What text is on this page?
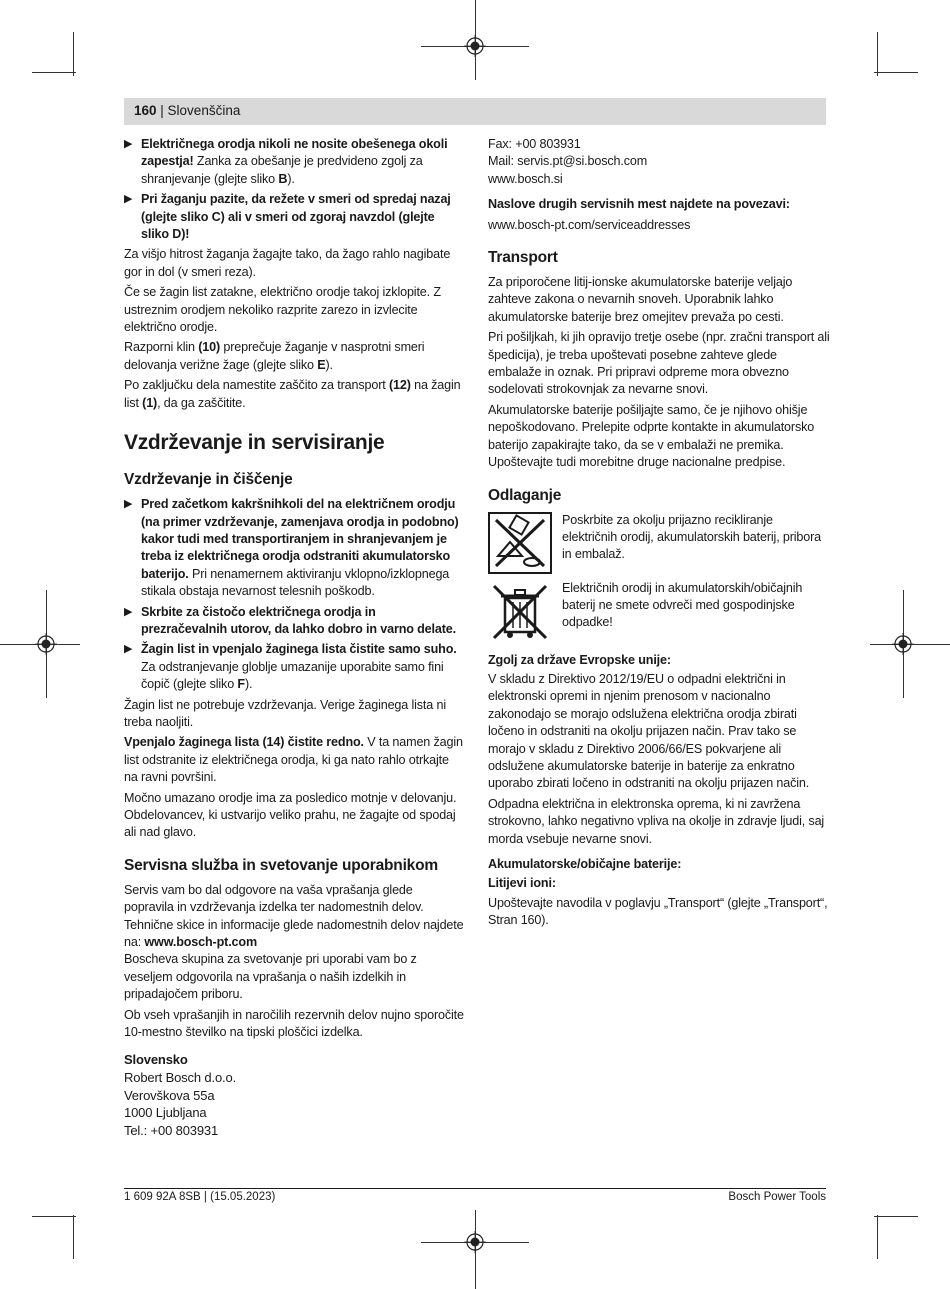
160 | Slovenščina
▶ Električnega orodja nikoli ne nosite obešenega okoli zapestja! Zanka za obešanje je predvideno zgolj za shranjevanje (glejte sliko B).
▶ Pri žaganju pazite, da režete v smeri od spredaj nazaj (glejte sliko C) ali v smeri od zgoraj navzdol (glejte sliko D)!

Za višjo hitrost žaganja žagajte tako, da žago rahlo nagibate gor in dol (v smeri reza).

Če se žagin list zatakne, električno orodje takoj izklopite. Z ustreznim orodjem nekoliko razprite zarezo in izvlecite električno orodje.

Razporni klin (10) preprečuje žaganje v nasprotni smeri delovanja verižne žage (glejte sliko E).

Po zaključku dela namestite zaščito za transport (12) na žagin list (1), da ga zaščitite.

Vzdrževanje in servisiranje
Vzdrževanje in čiščenje
▶ Pred začetkom kakršnihkoli del na električnem orodju (na primer vzdrževanje, zamenjava orodja in podobno) kakor tudi med transportiranjem in shranjevanjem je treba iz električnega orodja odstraniti akumulatorsko baterijo. Pri nenamernem aktiviranju vklopno/izklopnega stikala obstaja nevarnost telesnih poškodb.
▶ Skrbite za čistočo električnega orodja in prezračevalnih utorov, da lahko dobro in varno delate.
▶ Žagin list in vpenjalo žaginega lista čistite samo suho. Za odstranjevanje globlje umazanije uporabite samo fini čopič (glejte sliko F).

Žagin list ne potrebuje vzdrževanja. Verige žaginega lista ni treba naoljiti.

Vpenjalo žaginega lista (14) čistite redno. V ta namen žagin list odstranite iz električnega orodja, ki ga nato rahlo otrkajte na ravni površini.

Močno umazano orodje ima za posledico motnje v delovanju. Obdelovancev, ki ustvarijo veliko prahu, ne žagajte od spodaj ali nad glavo.

Servisna služba in svetovanje uporabnikom

Servis vam bo dal odgovore na vaša vprašanja glede popravila in vzdrževanja izdelka ter nadomestnih delov. Tehnične skice in informacije glede nadomestnih delov najdete na: www.bosch-pt.com

Boscheva skupina za svetovanje pri uporabi vam bo z veseljem odgovorila na vprašanja o naših izdelkih in pripadajočem priboru.

Ob vseh vprašanjih in naročilih rezervnih delov nujno sporočite 10-mestno številko na tipski ploščici izdelka.

Slovensko

Robert Bosch d.o.o.

Verovškova 55a

1000 Ljubljana

Tel.: +00 803931

Fax: +00 803931

Mail: servis.pt@si.bosch.com

www.bosch.si

Naslove drugih servisnih mest najdete na povezavi:

www.bosch-pt.com/serviceaddresses

Transport

Za priporočene litij-ionske akumulatorske baterije veljajo zahteve zakona o nevarnih snoveh. Uporabnik lahko akumulatorske baterije brez omejitev prevaža po cesti.

Pri pošiljkah, ki jih opravijo tretje osebe (npr. zračni transport ali špedicija), je treba upoštevati posebne zahteve glede embalaže in oznak. Pri pripravi odpreme mora obvezno sodelovati strokovnjak za nevarne snovi.

Akumulatorske baterije pošiljajte samo, če je njihovo ohišje nepoškodovano. Prelepite odprte kontakte in akumulatorsko baterijo zapakirajte tako, da se v embalaži ne premika. Upoštevajte tudi morebitne druge nacionalne predpise.

Odlaganje
Poskrbite za okolju prijazno recikliranje električnih orodij, akumulatorskih baterij, pribora in embalaž.
Električnih orodij in akumulatorskih/običajnih baterij ne smete odvreči med gospodinjske odpadke!
Zgolj za države Evropske unije:

V skladu z Direktivo 2012/19/EU o odpadni električni in elektronski opremi in njenim prenosom v nacionalno zakonodajo se morajo odslužena električna orodja zbirati ločeno in odstraniti na okolju prijazen način. Prav tako se morajo v skladu z Direktivo 2006/66/ES pokvarjene ali odslužene akumulatorske baterije in baterije za enkratno uporabo zbirati ločeno in odstraniti na okolju prijazen način.

Odpadna električna in elektronska oprema, ki ni zavržena strokovno, lahko negativno vpliva na okolje in zdravje ljudi, saj morda vsebuje nevarne snovi.

Akumulatorske/običajne baterije:
Litijevi ioni:

Upoštevajte navodila v poglavju „Transport“ (glejte „Transport“, Stran 160).

1 609 92A 8SB | (15.05.2023)	Bosch Power Tools
